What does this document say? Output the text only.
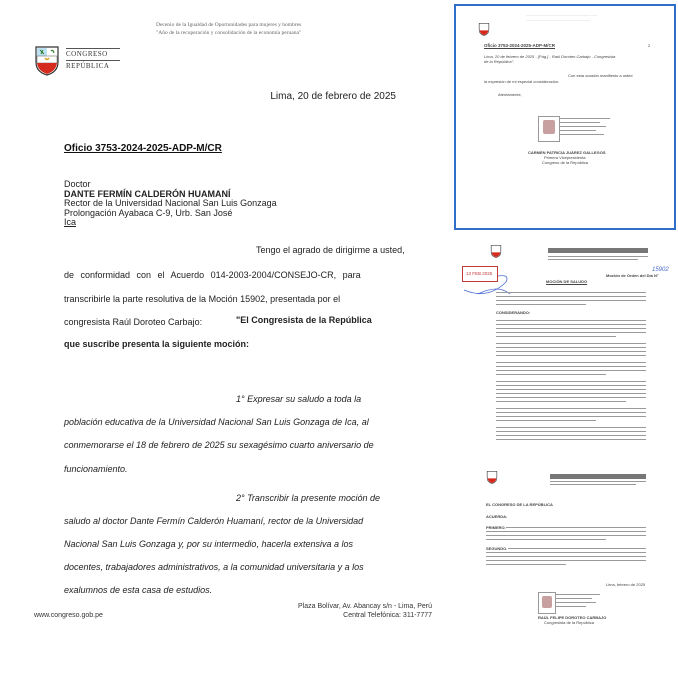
Decenio de la Igualdad de Oportunidades para mujeres y hombres
"Año de la recuperación y consolidación de la economía peruana"
CONGRESO

REPÚBLICA
Lima, 20 de febrero de 2025
Oficio 3753-2024-2025-ADP-M/CR
Doctor
DANTE FERMÍN CALDERÓN HUAMANÍ
Rector de la Universidad Nacional San Luis Gonzaga
Prolongación Ayabaca C-9, Urb. San José
Ica
Tengo el agrado de dirigirme a usted,
de conformidad con el Acuerdo 014-2003-2004/CONSEJO-CR, para
transcribirle la parte resolutiva de la Moción 15902, presentada por el
congresista Raúl Doroteo Carbajo:	"El Congresista de la República
que suscribe presenta la siguiente moción:
1° Expresar su saludo a toda la
población educativa de la Universidad Nacional San Luis Gonzaga de Ica, al
conmemorarse el 18 de febrero de 2025 su sexagésimo cuarto aniversario de
funcionamiento.
2° Transcribir la presente moción de
saludo al doctor Dante Fermín Calderón Huamaní, rector de la Universidad
Nacional San Luis Gonzaga y, por su intermedio, hacerla extensiva a los
docentes, trabajadores administrativos, a la comunidad universitaria y a los
exalumnos de esta casa de estudios.
www.congreso.gob.pe
Plaza Bolívar, Av. Abancay s/n - Lima, Perú
Central Telefónica: 311-7777
................................................................
..........................................................
Oficio 3753-2024-2025-ADP-M/CR	2
Lima, 20 de febrero de 2025 - [Pág.] - Raúl Doroteo Carbajo - Congresista
de la República".
Con esta ocasión manifiesto a usted
la expresión de mi especial consideración.
Atentamente,
CARMEN PATRICIA JUÁREZ GALLEGOS
Primera Vicepresidenta
Congreso de la República
13 FEB 2025
MOCIÓN DE SALUDO
Moción de Orden del Día N°
15902
CONSIDERANDO:
EL CONGRESO DE LA REPÚBLICA
ACUERDA:
PRIMERO.
SEGUNDO.
Lima, febrero de 2025
RAÚL FELIPE DOROTEO CARBAJO
Congresista de la República
